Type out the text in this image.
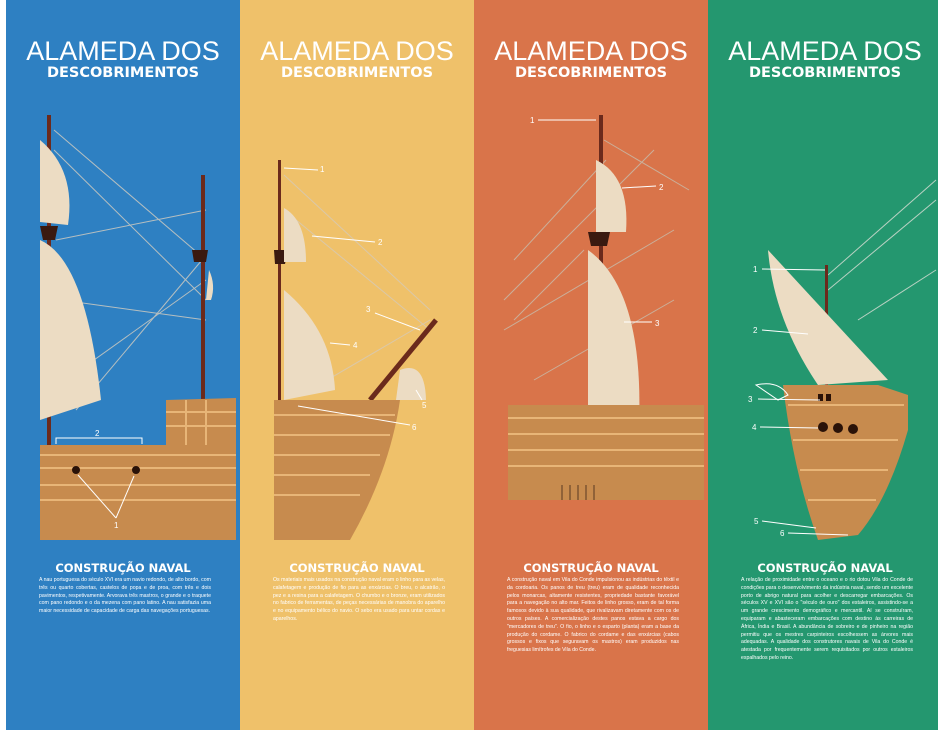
2
1
ALAMEDA DOS
DESCOBRIMENTOS
CONSTRUÇÃO NAVAL
A nau portuguesa do século XVI era um navio redondo, de alto bordo, com três ou quarto cobertas, castelos de popa e de proa, com três e dois pavimentos, respetivamente. Arvorava três mastros, o grande e o traquete com pano redondo e o da mezena com pano latino. A nau satisfazia uma maior necessidade de capacidade de carga das navegações portuguesas.
1
2
3
4
5
6
ALAMEDA DOS
DESCOBRIMENTOS
CONSTRUÇÃO NAVAL
Os materiais mais usados na construção naval eram o linho para as velas, calafetagem e produção de fio para as enxárcias. O breu, o alcatrão, o pez e a resina para a calafetagem. O chumbo e o bronze, eram utilizados no fabrico de ferramentas, de peças necessárias de manobra do aparelho e no equipamento bélico do navio. O sebo era usado para untar cordas e aparelhos.
1
2
3
ALAMEDA DOS
DESCOBRIMENTOS
CONSTRUÇÃO NAVAL
A construção naval em Vila do Conde impulsionou as indústrias do têxtil e da cordoaria. Os panos de treu (treu) eram de qualidade reconhecida pelos monarcas, altamente resistentes, propriedade bastante favorável para a navegação no alto mar. Feitos de linho grosso, eram de tal forma famosos devido à sua qualidade, que rivalizavam diretamente com os de outros países. A comercialização destes panos estava a cargo dos "mercadores de treu". O fio, o linho e o esparto (planta) eram a base da produção do cordame. O fabrico do cordame e das enxárcias (cabos grossos e fixos que seguravam os mastros) eram produzidos nas freguesias limítrofes de Vila do Conde.
1
2
3
4
5
6
ALAMEDA DOS
DESCOBRIMENTOS
CONSTRUÇÃO NAVAL
A relação de proximidade entre o oceano e o rio dotou Vila do Conde de condições para o desenvolvimento da indústria naval, sendo um excelente porto de abrigo natural para acolher e descarregar embarcações. Os séculos XV e XVI são o "século de ouro" dos estaleiros, assistindo-se a um grande crescimento demográfico e mercantil. Aí se construíram, equiparam e abasteceram embarcações com destino às carreiras de África, Índia e Brasil. A abundância de sobreiro e de pinheiro na região permitiu que os mestres carpinteiros escolhessem as árvores mais adequadas. A qualidade dos construtores navais de Vila do Conde é atestada por frequentemente serem requisitados por outros estaleiros espalhados pelo reino.
